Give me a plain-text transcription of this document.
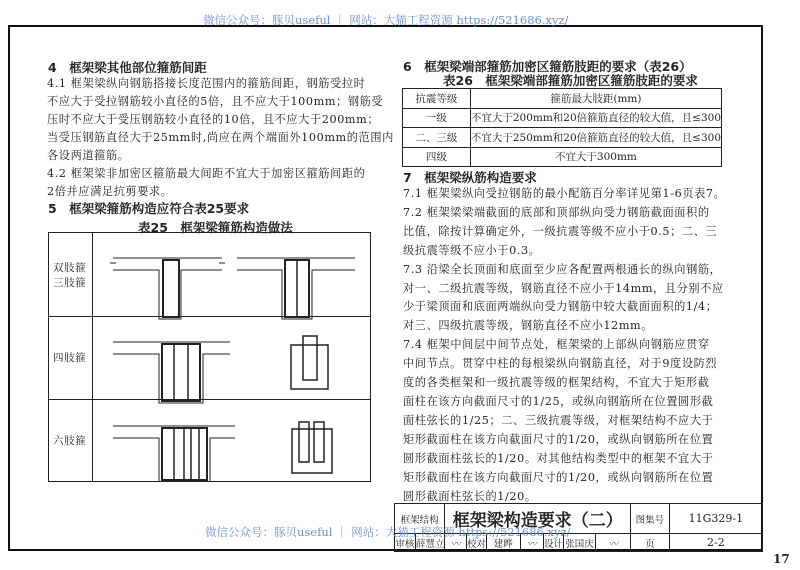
微信公众号：豚贝useful ｜ 网站：大猫工程资源 https://521686.xyz/
4　框架梁其他部位箍筋间距
4.1 框架梁纵向钢筋搭接长度范围内的箍筋间距，钢筋受拉时
不应大于受拉钢筋较小直径的5倍，且不应大于100mm；钢筋受
压时不应大于受压钢筋较小直径的10倍，且不应大于200mm；
当受压钢筋直径大于25mm时,尚应在两个端面外100mm的范围内
各设两道箍筋。
4.2 框架梁非加密区箍筋最大间距不宜大于加密区箍筋间距的
2倍并应满足抗剪要求。
5　框架梁箍筋构造应符合表25要求
表25　框架梁箍筋构造做法
双肢箍
三肢箍
四肢箍
六肢箍
6　框架梁端部箍筋加密区箍筋肢距的要求（表26）
表26　框架梁端部箍筋加密区箍筋肢距的要求
抗震等级	箍筋最大肢距(mm)
一级	不宜大于200mm和20倍箍筋直径的较大值，且≤300
二、三级	不宜大于250mm和20倍箍筋直径的较大值，且≤300
四级	不宜大于300mm
7　框架梁纵筋构造要求
7.1 框架梁纵向受拉钢筋的最小配筋百分率详见第1-6页表7。
7.2 框架梁梁端截面的底部和顶部纵向受力钢筋截面面积的
比值，除按计算确定外，一级抗震等级不应小于0.5；二、三
级抗震等级不应小于0.3。
7.3 沿梁全长顶面和底面至少应各配置两根通长的纵向钢筋，
对一、二级抗震等级，钢筋直径不应小于14mm，且分别不应
少于梁顶面和底面两端纵向受力钢筋中较大截面面积的1/4；
对三、四级抗震等级，钢筋直径不应小12mm。
7.4 框架中间层中间节点处，框架梁的上部纵向钢筋应贯穿
中间节点。贯穿中柱的每根梁纵向钢筋直径，对于9度设防烈
度的各类框架和一级抗震等级的框架结构，不宜大于矩形截
面柱在该方向截面尺寸的1/25，或纵向钢筋所在位置圆形截
面柱弦长的1/25；二、三级抗震等级，对框架结构不应大于
矩形截面柱在该方向截面尺寸的1/20，或纵向钢筋所在位置
圆形截面柱弦长的1/20。对其他结构类型中的框架不宜大于
矩形截面柱在该方向截面尺寸的1/20，或纵向钢筋所在位置
圆形截面柱弦长的1/20。
框架结构		框架梁构造要求（二）							图集号	11G329-1
审核	薛慧立	〰	校对	建晔	〰	设计	张国庆	〰	页	2-2
微信公众号：豚贝useful ｜ 网站：大猫工程资源 https://521686.xyz/
17
